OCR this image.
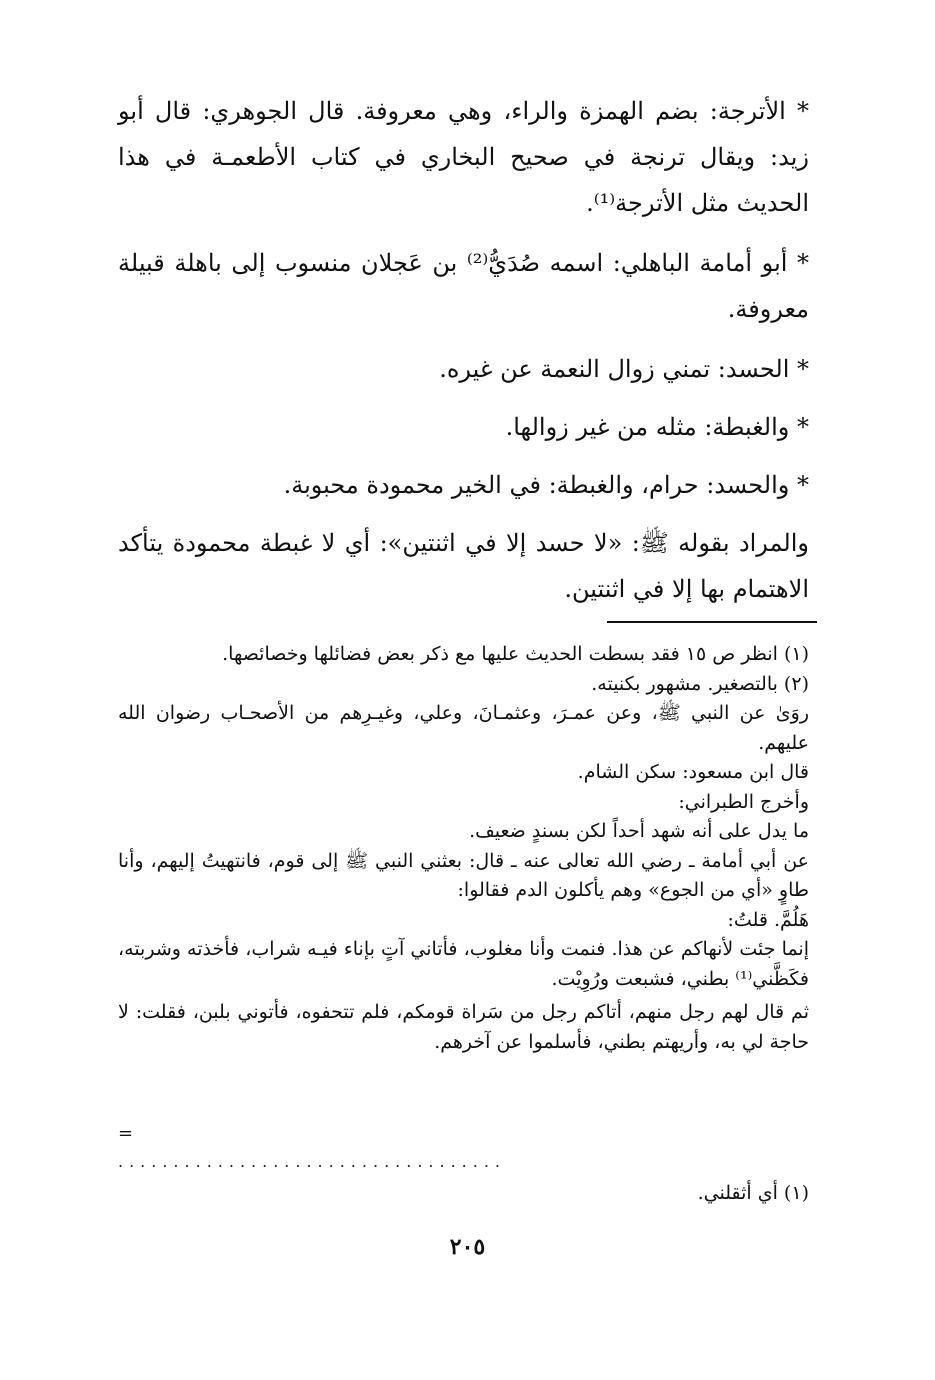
* الأترجة: بضم الهمزة والراء، وهي معروفة. قال الجوهري: قال أبو زيد: ويقال ترنجة في صحيح البخاري في كتاب الأطعمـة في هذا الحديث مثل الأترجة⁽¹⁾.

* أبو أمامة الباهلي: اسمه صُدَيُّ⁽²⁾ بن عَجلان منسوب إلى باهلة قبيلة معروفة.

* الحسد: تمني زوال النعمة عن غيره.

* والغبطة: مثله من غير زوالها.

* والحسد: حرام، والغبطة: في الخير محمودة محبوبة.

والمراد بقوله ﷺ: «لا حسد إلا في اثنتين»: أي لا غبطة محمودة يتأكد الاهتمام بها إلا في اثنتين.

(١) انظر ص ١٥ فقد بسطت الحديث عليها مع ذكر بعض فضائلها وخصائصها.

(٢) بالتصغير. مشهور بكنيته.

روَىٰ عن النبي ﷺ، وعن عمـرَ، وعثمـانَ، وعلي، وغيـرِهم من الأصحـاب رضوان الله عليهم.

قال ابن مسعود: سكن الشام.

وأخرج الطبراني:

ما يدل على أنه شهد أحداً لكن بسندٍ ضعيف.

عن أبي أمامة ـ رضي الله تعالى عنه ـ قال: بعثني النبي ﷺ إلى قوم، فانتهيتُ إليهم، وأنا طاوٍ «أي من الجوع» وهم يأكلون الدم فقالوا:

هَلُمَّ. قلتُ:

إنما جئت لأنهاكم عن هذا. فنمت وأنا مغلوب، فأتاني آتٍ بإناء فيـه شراب، فأخذته وشربته، فكَظَّني⁽¹⁾ بطني، فشبعت ورُوِيْت.

ثم قال لهم رجل منهم، أتاكم رجل من سَراة قومكم، فلم تتحفوه، فأتوني بلبن، فقلت: لا حاجة لي به، وأريهتم بطني، فأسلموا عن آخرهم.

=
...................................
(١) أي أثقلني.
٢٠٥
